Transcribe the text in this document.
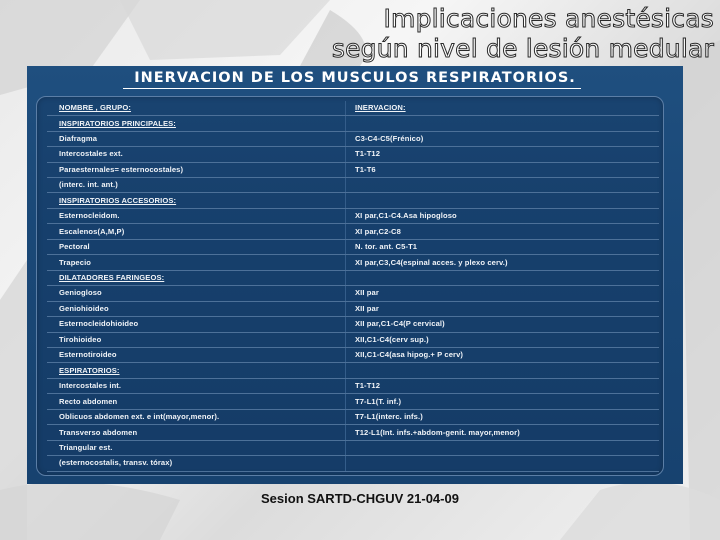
Implicaciones anestésicas
según nivel de lesión medular
INERVACION DE LOS MUSCULOS RESPIRATORIOS.
NOMBRE , GRUPO:	INERVACION:
INSPIRATORIOS PRINCIPALES:
Diafragma	C3-C4-C5(Frénico)
Intercostales ext.	T1-T12
Paraesternales= esternocostales)	T1-T6
(interc. int. ant.)
INSPIRATORIOS ACCESORIOS:
Esternocleidom.	XI par,C1-C4.Asa hipogloso
Escalenos(A,M,P)	XI par,C2-C8
Pectoral	N. tor. ant. C5-T1
Trapecio	XI par,C3,C4(espinal acces. y plexo cerv.)
DILATADORES FARINGEOS:
Geniogloso	XII par
Geniohioideo	XII par
Esternocleidohioideo	XII par,C1-C4(P cervical)
Tirohioideo	XII,C1-C4(cerv sup.)
Esternotiroideo	XII,C1-C4(asa hipog.+ P cerv)
ESPIRATORIOS:
Intercostales int.	T1-T12
Recto abdomen	T7-L1(T. inf.)
Oblicuos abdomen ext. e int(mayor,menor).	T7-L1(interc. infs.)
Transverso abdomen	T12-L1(Int. infs.+abdom-genit. mayor,menor)
Triangular est.
(esternocostalis, transv. tórax)
Sesion SARTD-CHGUV 21-04-09
